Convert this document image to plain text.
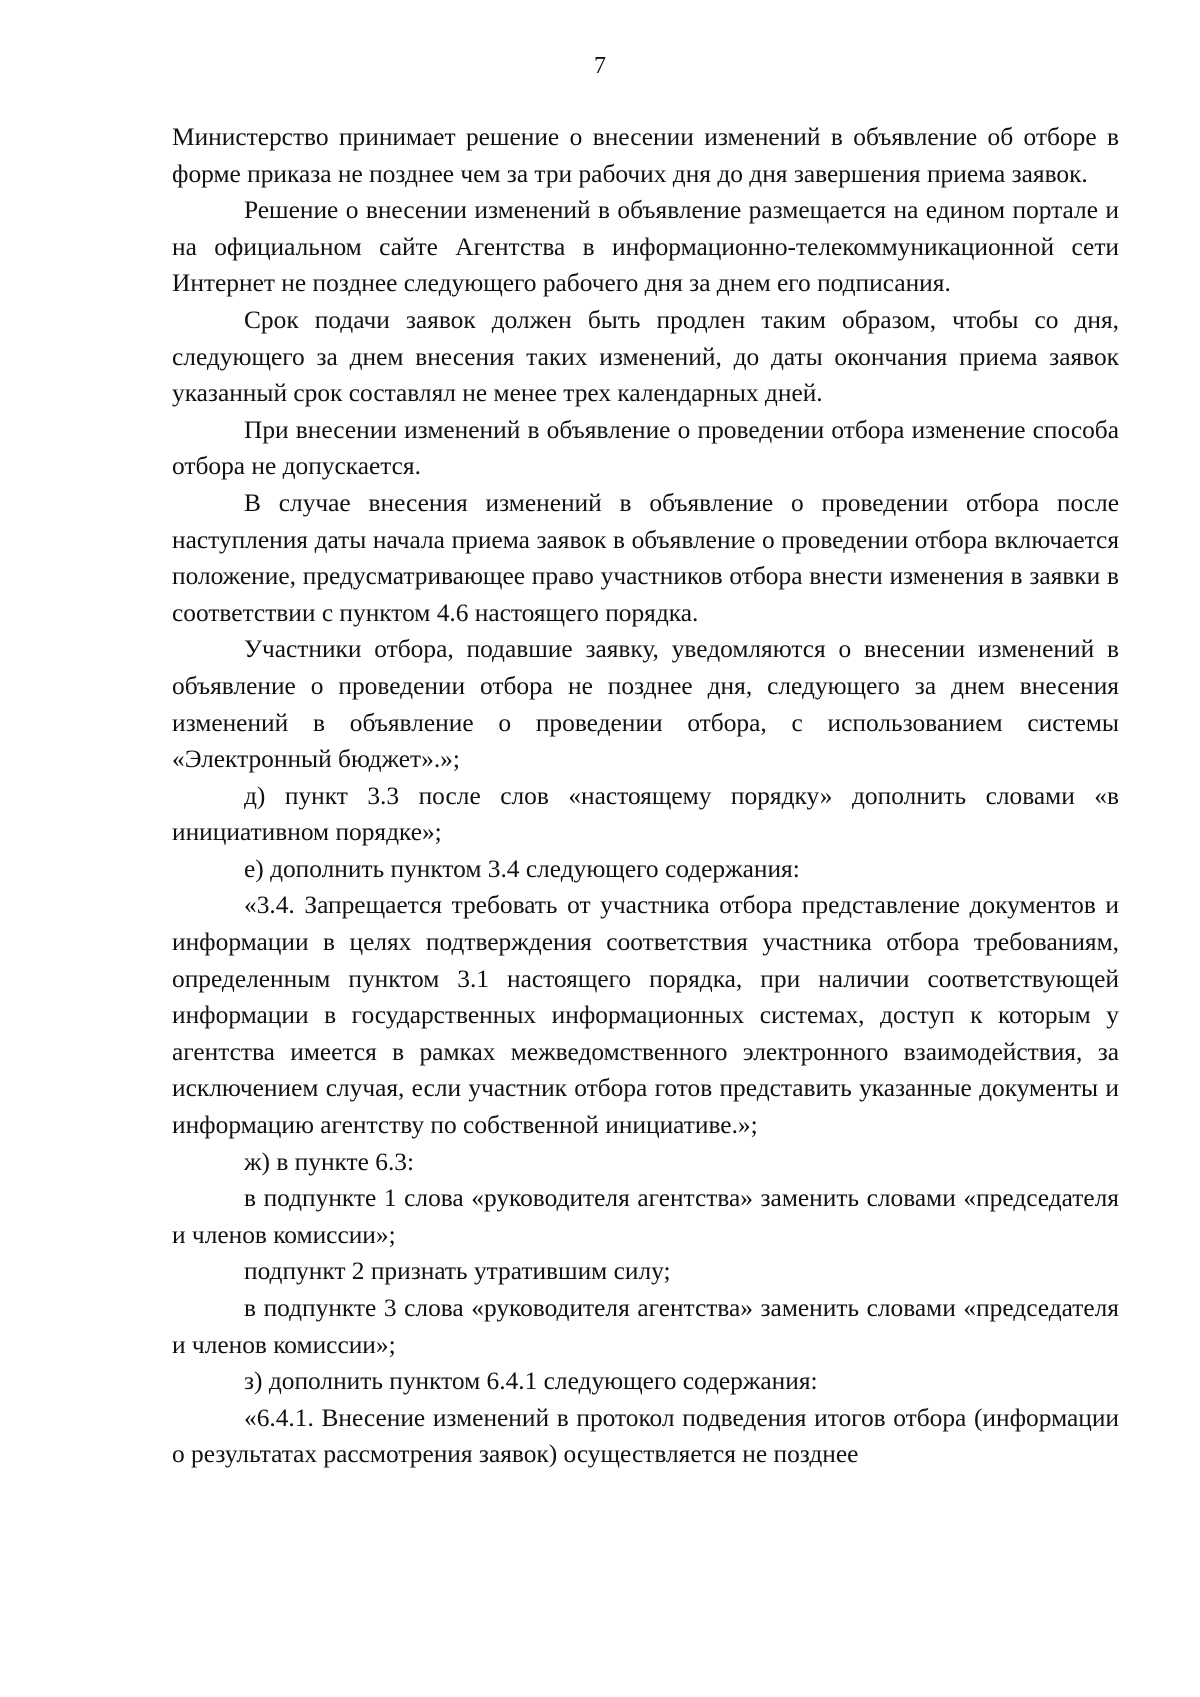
7

Министерство принимает решение о внесении изменений в объявление об отборе в форме приказа не позднее чем за три рабочих дня до дня завершения приема заявок.

Решение о внесении изменений в объявление размещается на едином портале и на официальном сайте Агентства в информационно-телекоммуникационной сети Интернет не позднее следующего рабочего дня за днем его подписания.

Срок подачи заявок должен быть продлен таким образом, чтобы со дня, следующего за днем внесения таких изменений, до даты окончания приема заявок указанный срок составлял не менее трех календарных дней.

При внесении изменений в объявление о проведении отбора изменение способа отбора не допускается.

В случае внесения изменений в объявление о проведении отбора после наступления даты начала приема заявок в объявление о проведении отбора включается положение, предусматривающее право участников отбора внести изменения в заявки в соответствии с пунктом 4.6 настоящего порядка.

Участники отбора, подавшие заявку, уведомляются о внесении изменений в объявление о проведении отбора не позднее дня, следующего за днем внесения изменений в объявление о проведении отбора, с использованием системы «Электронный бюджет».»;

д) пункт 3.3 после слов «настоящему порядку» дополнить словами «в инициативном порядке»;

е) дополнить пунктом 3.4 следующего содержания:

«3.4. Запрещается требовать от участника отбора представление документов и информации в целях подтверждения соответствия участника отбора требованиям, определенным пунктом 3.1 настоящего порядка, при наличии соответствующей информации в государственных информационных системах, доступ к которым у агентства имеется в рамках межведомственного электронного взаимодействия, за исключением случая, если участник отбора готов представить указанные документы и информацию агентству по собственной инициативе.»;

ж) в пункте 6.3:

в подпункте 1 слова «руководителя агентства» заменить словами «председателя и членов комиссии»;

подпункт 2 признать утратившим силу;

в подпункте 3 слова «руководителя агентства» заменить словами «председателя и членов комиссии»;

з) дополнить пунктом 6.4.1 следующего содержания:

«6.4.1. Внесение изменений в протокол подведения итогов отбора (информации о результатах рассмотрения заявок) осуществляется не позднее
